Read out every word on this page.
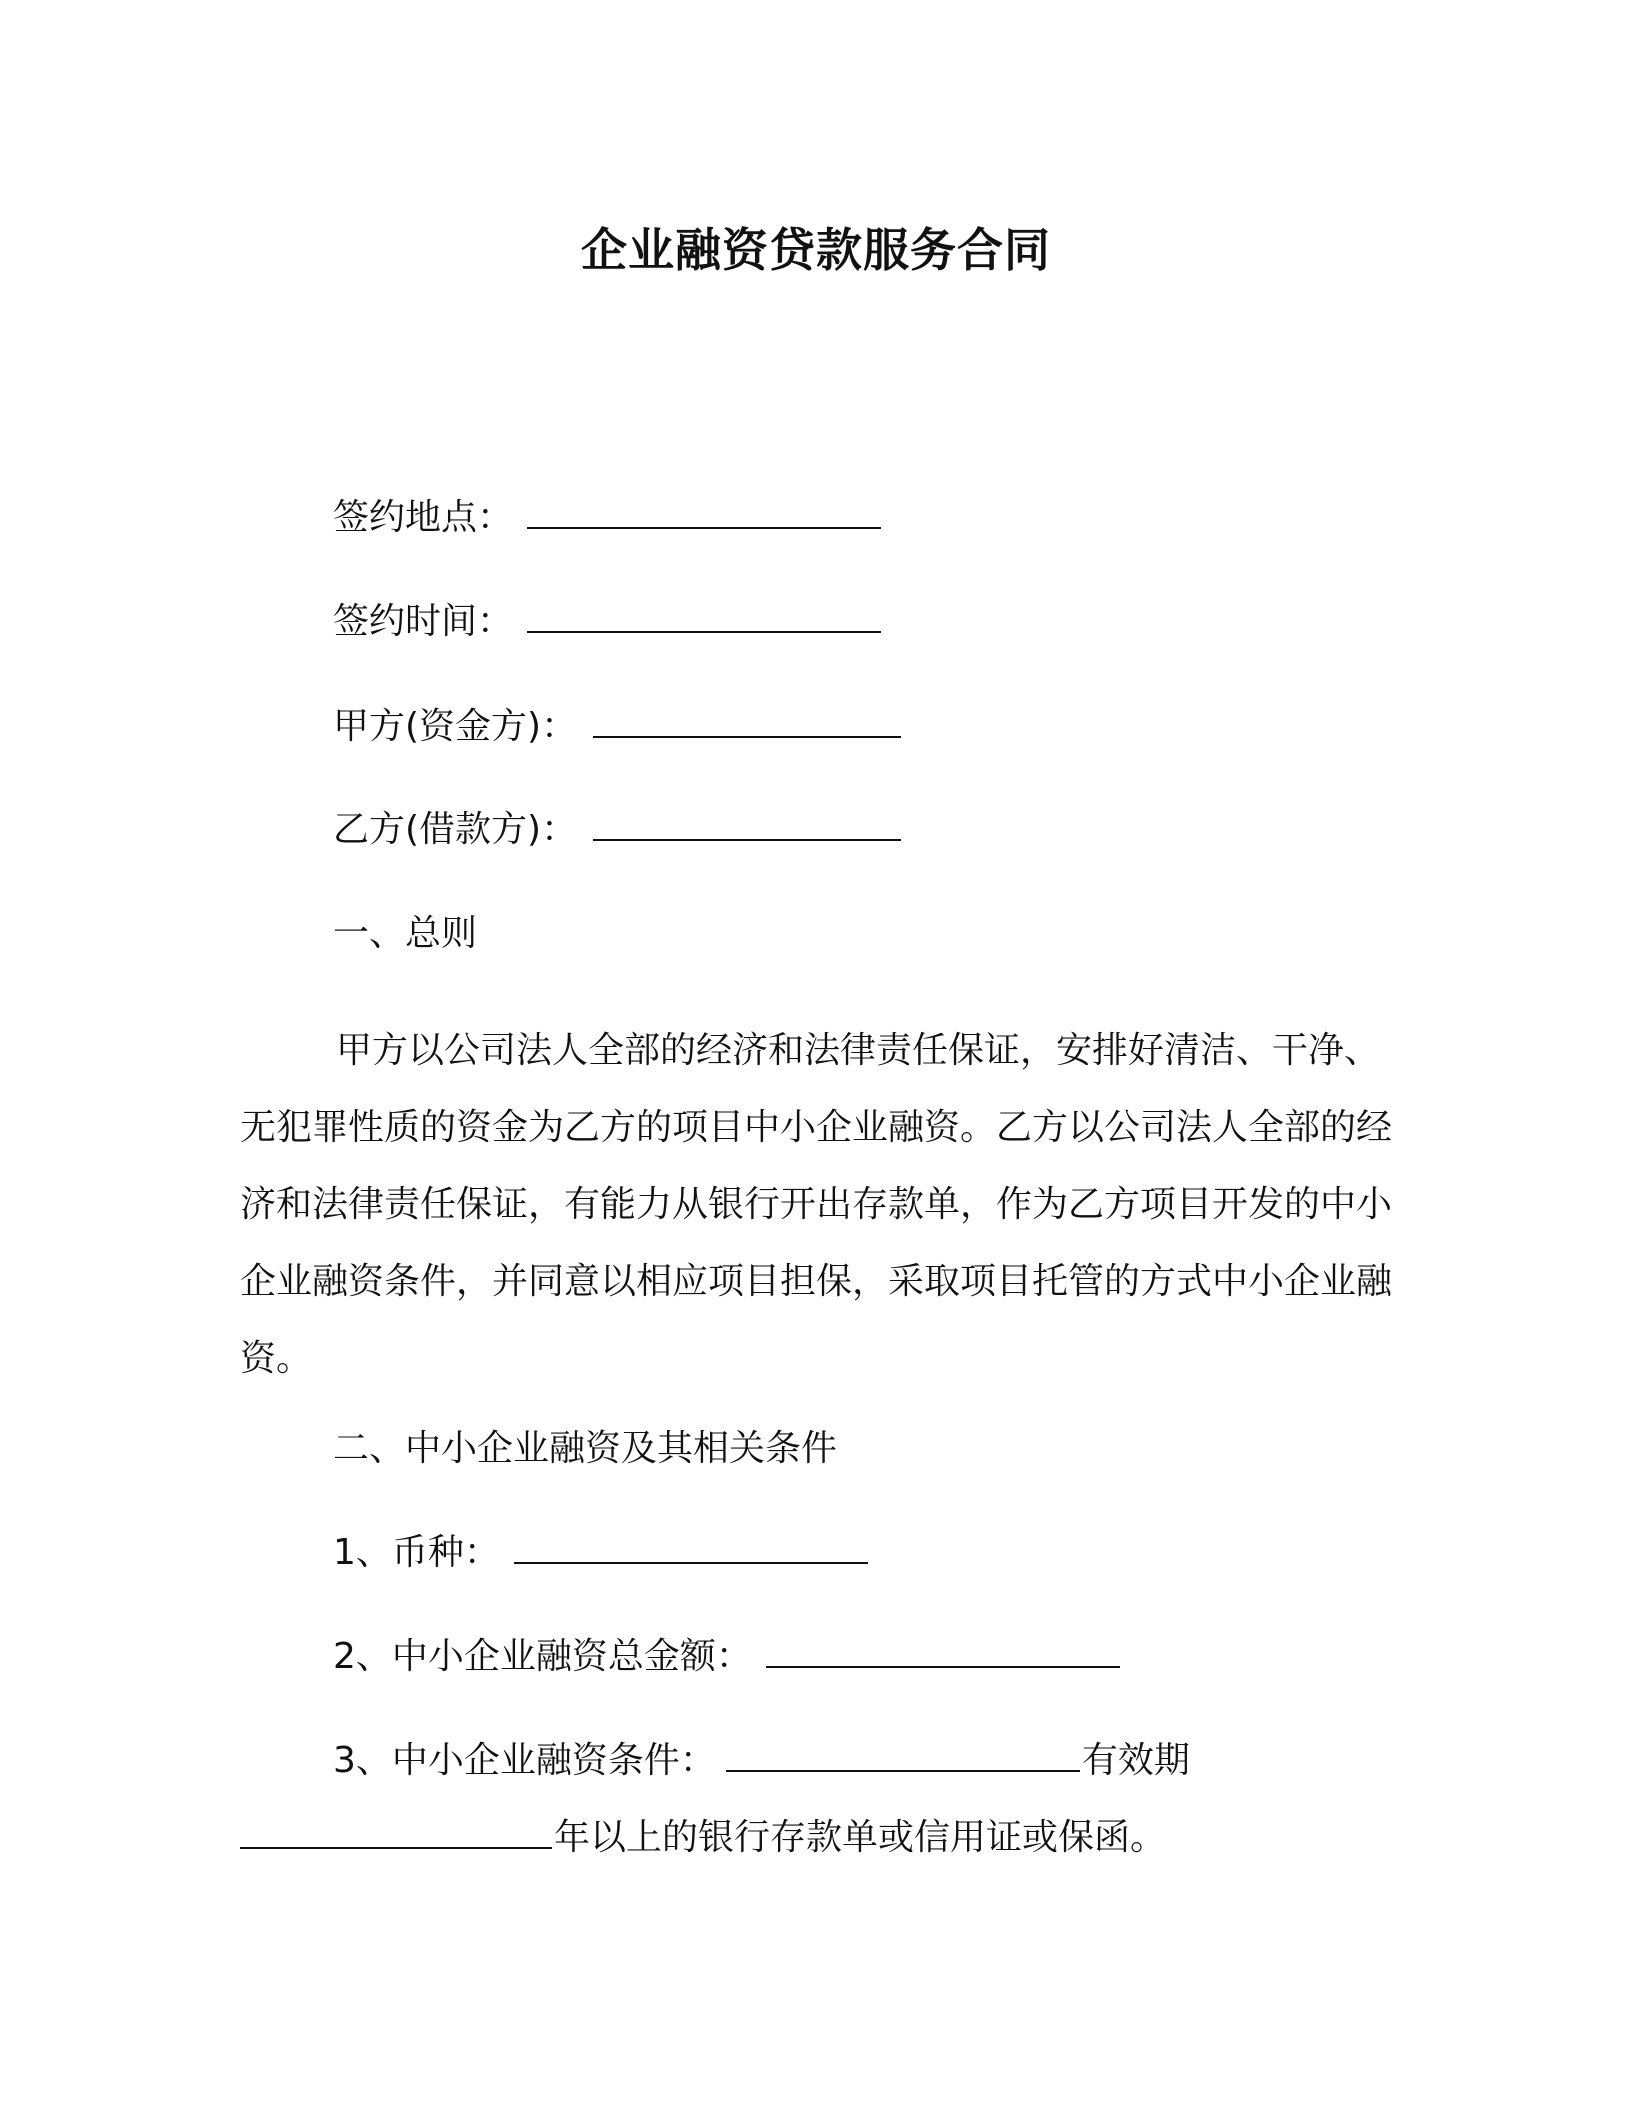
企业融资贷款服务合同
签约地点：
签约时间：
甲方(资金方)：
乙方(借款方)：
一、总则
甲方以公司法人全部的经济和法律责任保证，安排好清洁、干净、无犯罪性质的资金为乙方的项目中小企业融资。乙方以公司法人全部的经济和法律责任保证，有能力从银行开出存款单，作为乙方项目开发的中小企业融资条件，并同意以相应项目担保，采取项目托管的方式中小企业融资。
二、中小企业融资及其相关条件
1、币种：
2、中小企业融资总金额：
3、中小企业融资条件：	有效期
年以上的银行存款单或信用证或保函。
